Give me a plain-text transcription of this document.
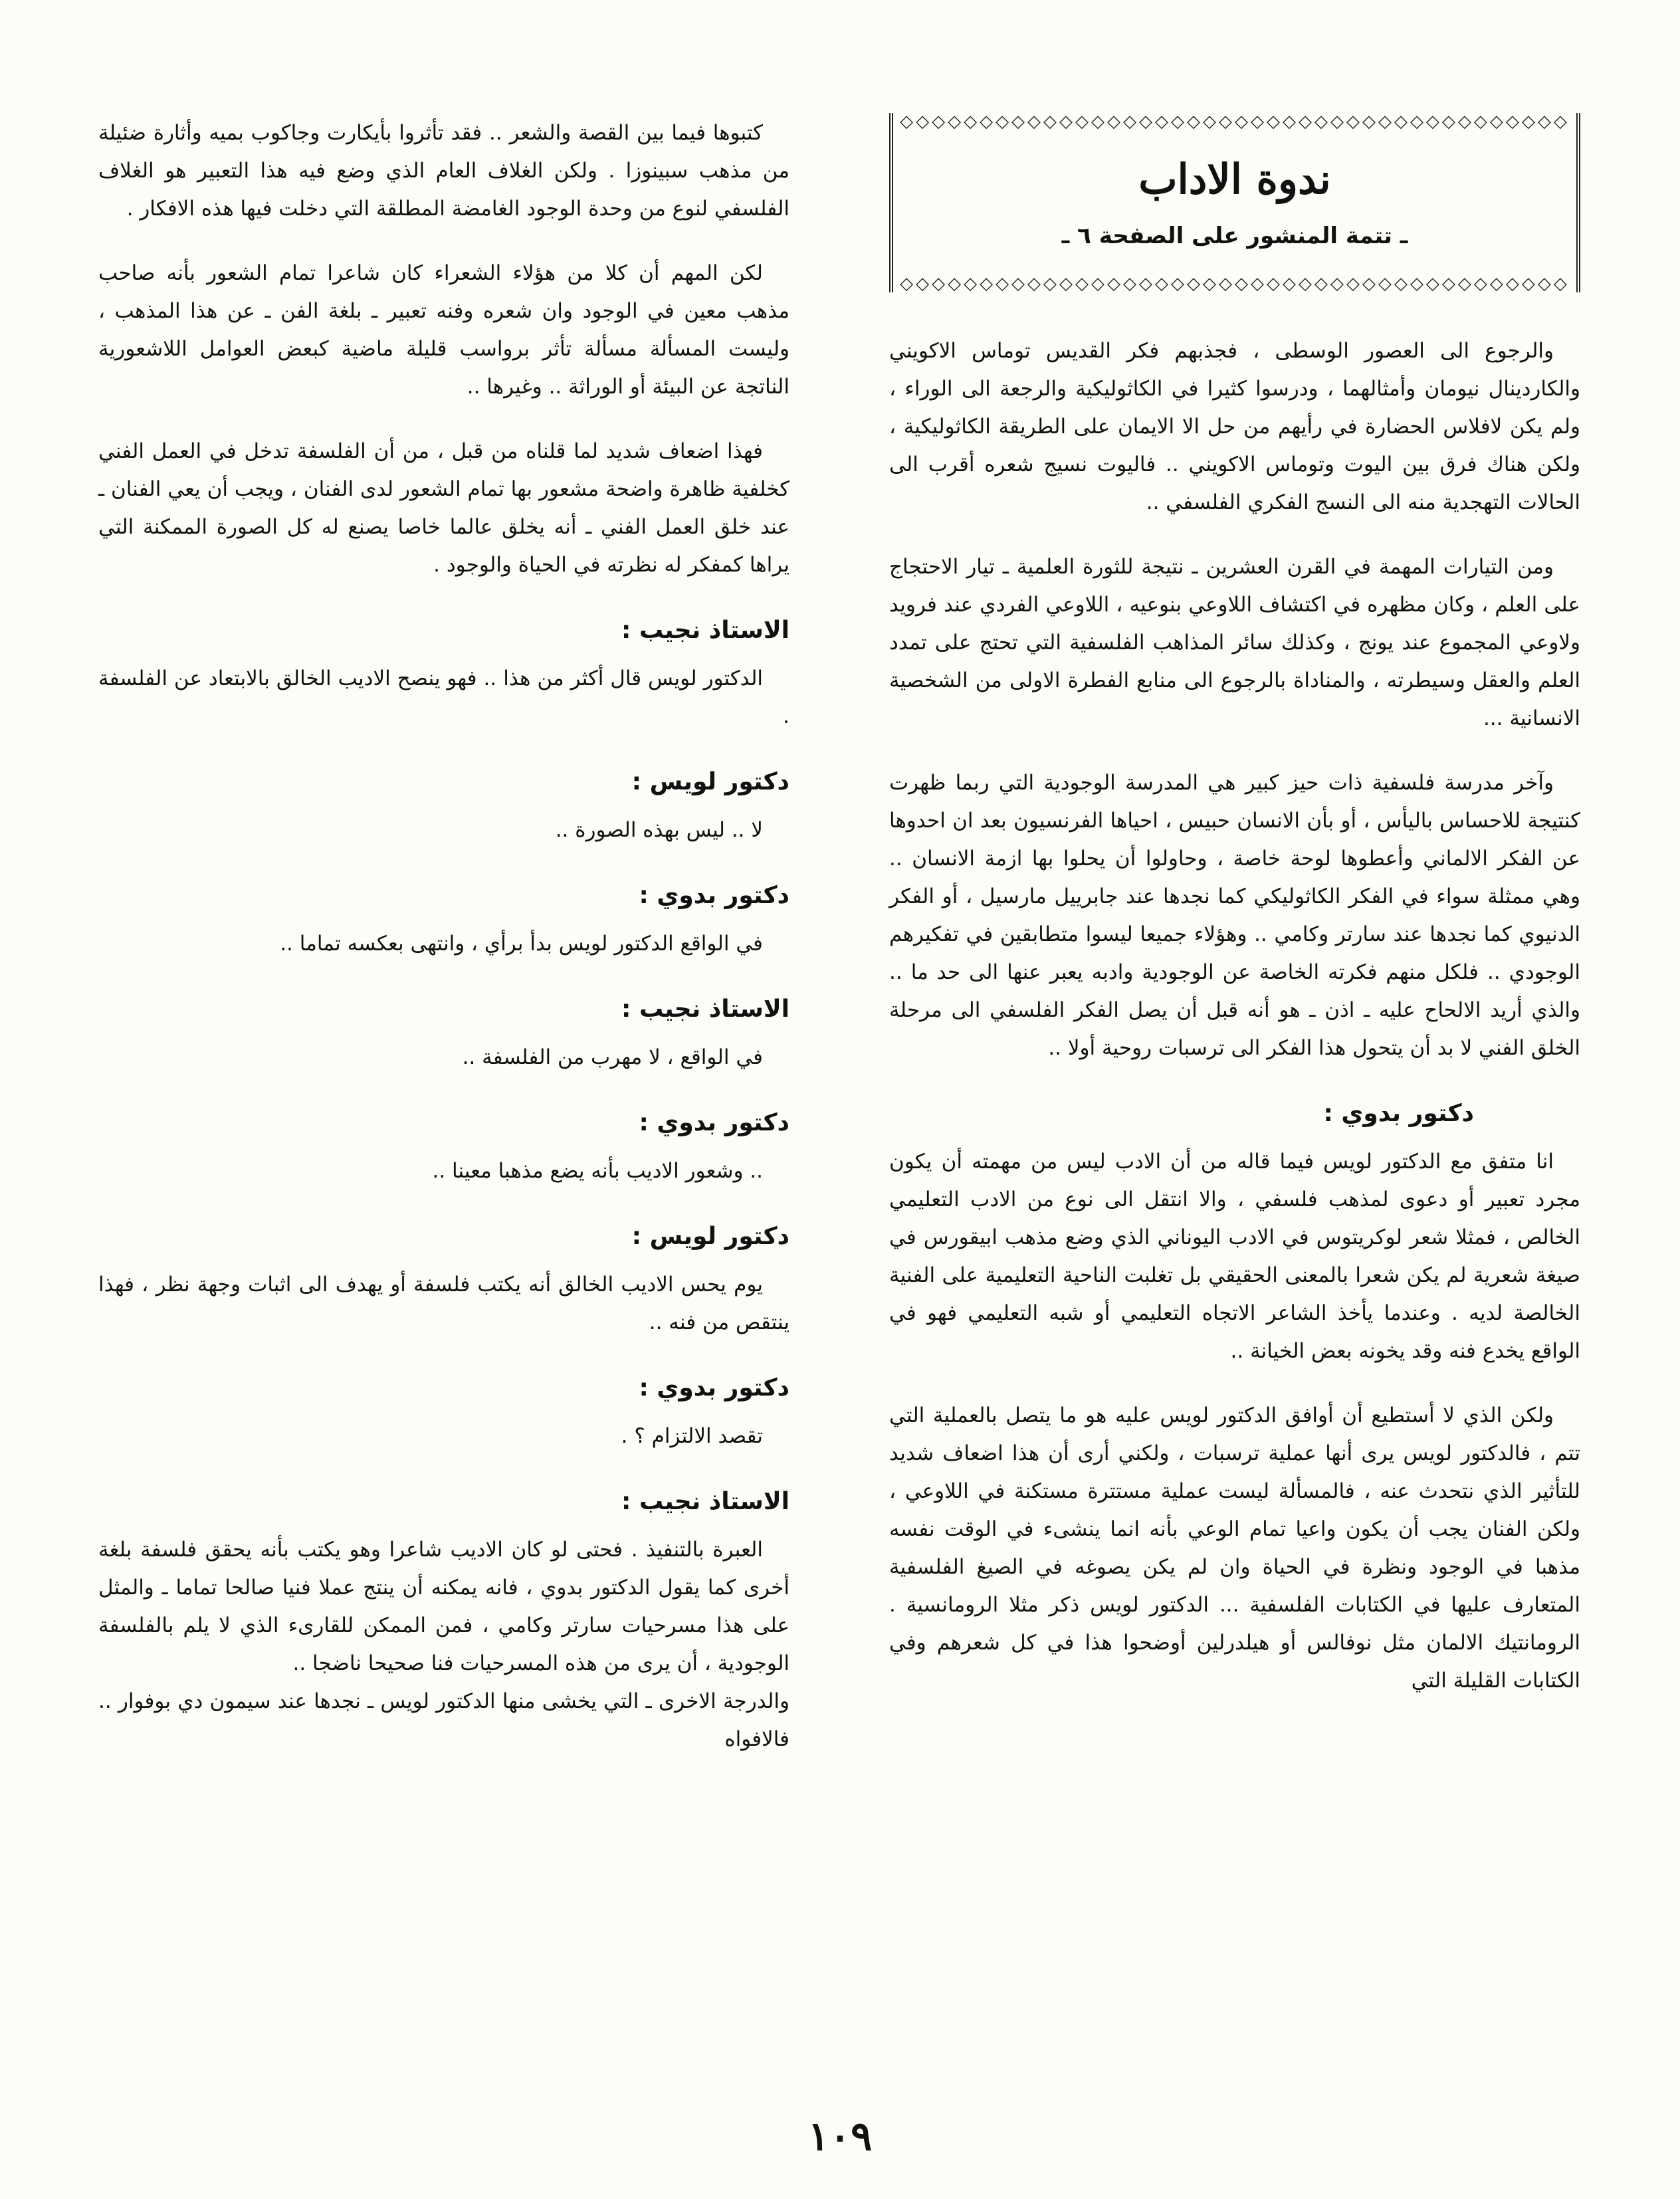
◇◇◇◇◇◇◇◇◇◇◇◇◇◇◇◇◇◇◇◇◇◇◇◇◇◇◇◇◇◇◇◇◇◇◇◇◇◇◇◇◇◇
ندوة الاداب
ـ تتمة المنشور على الصفحة ٦ ـ
◇◇◇◇◇◇◇◇◇◇◇◇◇◇◇◇◇◇◇◇◇◇◇◇◇◇◇◇◇◇◇◇◇◇◇◇◇◇◇◇◇◇

والرجوع الى العصور الوسطى ، فجذبهم فكر القديس توماس الاكويني والكاردينال نيومان وأمثالهما ، ودرسوا كثيرا في الكاثوليكية والرجعة الى الوراء ، ولم يكن لافلاس الحضارة في رأيهم من حل الا الايمان على الطريقة الكاثوليكية ، ولكن هناك فرق بين اليوت وتوماس الاكويني .. فاليوت نسيج شعره أقرب الى الحالات التهجدية منه الى النسج الفكري الفلسفي ..

ومن التيارات المهمة في القرن العشرين ـ نتيجة للثورة العلمية ـ تيار الاحتجاج على العلم ، وكان مظهره في اكتشاف اللاوعي بنوعيه ، اللاوعي الفردي عند فرويد ولاوعي المجموع عند يونج ، وكذلك سائر المذاهب الفلسفية التي تحتج على تمدد العلم والعقل وسيطرته ، والمناداة بالرجوع الى منابع الفطرة الاولى من الشخصية الانسانية ...

وآخر مدرسة فلسفية ذات حيز كبير هي المدرسة الوجودية التي ربما ظهرت كنتيجة للاحساس باليأس ، أو بأن الانسان حبيس ، احياها الفرنسيون بعد ان احدوها عن الفكر الالماني وأعطوها لوحة خاصة ، وحاولوا أن يحلوا بها ازمة الانسان .. وهي ممثلة سواء في الفكر الكاثوليكي كما نجدها عند جابرييل مارسيل ، أو الفكر الدنيوي كما نجدها عند سارتر وكامي .. وهؤلاء جميعا ليسوا متطابقين في تفكيرهم الوجودي .. فلكل منهم فكرته الخاصة عن الوجودية وادبه يعبر عنها الى حد ما .. والذي أريد الالحاح عليه ـ اذن ـ هو أنه قبل أن يصل الفكر الفلسفي الى مرحلة الخلق الفني لا بد أن يتحول هذا الفكر الى ترسبات روحية أولا ..

دكتور بدوي :

انا متفق مع الدكتور لويس فيما قاله من أن الادب ليس من مهمته أن يكون مجرد تعبير أو دعوى لمذهب فلسفي ، والا انتقل الى نوع من الادب التعليمي الخالص ، فمثلا شعر لوكريتوس في الادب اليوناني الذي وضع مذهب ابيقورس في صيغة شعرية لم يكن شعرا بالمعنى الحقيقي بل تغلبت الناحية التعليمية على الفنية الخالصة لديه . وعندما يأخذ الشاعر الاتجاه التعليمي أو شبه التعليمي فهو في الواقع يخدع فنه وقد يخونه بعض الخيانة ..

ولكن الذي لا أستطيع أن أوافق الدكتور لويس عليه هو ما يتصل بالعملية التي تتم ، فالدكتور لويس يرى أنها عملية ترسبات ، ولكني أرى أن هذا اضعاف شديد للتأثير الذي نتحدث عنه ، فالمسألة ليست عملية مستترة مستكنة في اللاوعي ، ولكن الفنان يجب أن يكون واعيا تمام الوعي بأنه انما ينشىء في الوقت نفسه مذهبا في الوجود ونظرة في الحياة وان لم يكن يصوغه في الصيغ الفلسفية المتعارف عليها في الكتابات الفلسفية ... الدكتور لويس ذكر مثلا الرومانسية . الرومانتيك الالمان مثل نوفالس أو هيلدرلين أوضحوا هذا في كل شعرهم وفي الكتابات القليلة التي

كتبوها فيما بين القصة والشعر .. فقد تأثروا بأيكارت وجاكوب بميه وأثارة ضئيلة من مذهب سبينوزا . ولكن الغلاف العام الذي وضع فيه هذا التعبير هو الغلاف الفلسفي لنوع من وحدة الوجود الغامضة المطلقة التي دخلت فيها هذه الافكار .

لكن المهم أن كلا من هؤلاء الشعراء كان شاعرا تمام الشعور بأنه صاحب مذهب معين في الوجود وان شعره وفنه تعبير ـ بلغة الفن ـ عن هذا المذهب ، وليست المسألة مسألة تأثر برواسب قليلة ماضية كبعض العوامل اللاشعورية الناتجة عن البيئة أو الوراثة .. وغيرها ..

فهذا اضعاف شديد لما قلناه من قبل ، من أن الفلسفة تدخل في العمل الفني كخلفية ظاهرة واضحة مشعور بها تمام الشعور لدى الفنان ، ويجب أن يعي الفنان ـ عند خلق العمل الفني ـ أنه يخلق عالما خاصا يصنع له كل الصورة الممكنة التي يراها كمفكر له نظرته في الحياة والوجود .

الاستاذ نجيب :

الدكتور لويس قال أكثر من هذا .. فهو ينصح الاديب الخالق بالابتعاد عن الفلسفة .

دكتور لويس :

لا .. ليس بهذه الصورة ..

دكتور بدوي :

في الواقع الدكتور لويس بدأ برأي ، وانتهى بعكسه تماما ..

الاستاذ نجيب :

في الواقع ، لا مهرب من الفلسفة ..

دكتور بدوي :

.. وشعور الاديب بأنه يضع مذهبا معينا ..

دكتور لويس :

يوم يحس الاديب الخالق أنه يكتب فلسفة أو يهدف الى اثبات وجهة نظر ، فهذا ينتقص من فنه ..

دكتور بدوي :

تقصد الالتزام ؟ .

الاستاذ نجيب :

العبرة بالتنفيذ . فحتى لو كان الاديب شاعرا وهو يكتب بأنه يحقق فلسفة بلغة أخرى كما يقول الدكتور بدوي ، فانه يمكنه أن ينتج عملا فنيا صالحا تماما ـ والمثل على هذا مسرحيات سارتر وكامي ، فمن الممكن للقارىء الذي لا يلم بالفلسفة الوجودية ، أن يرى من هذه المسرحيات فنا صحيحا ناضجا ..
والدرجة الاخرى ـ التي يخشى منها الدكتور لويس ـ نجدها عند سيمون دي بوفوار .. فالافواه

١٠٩
